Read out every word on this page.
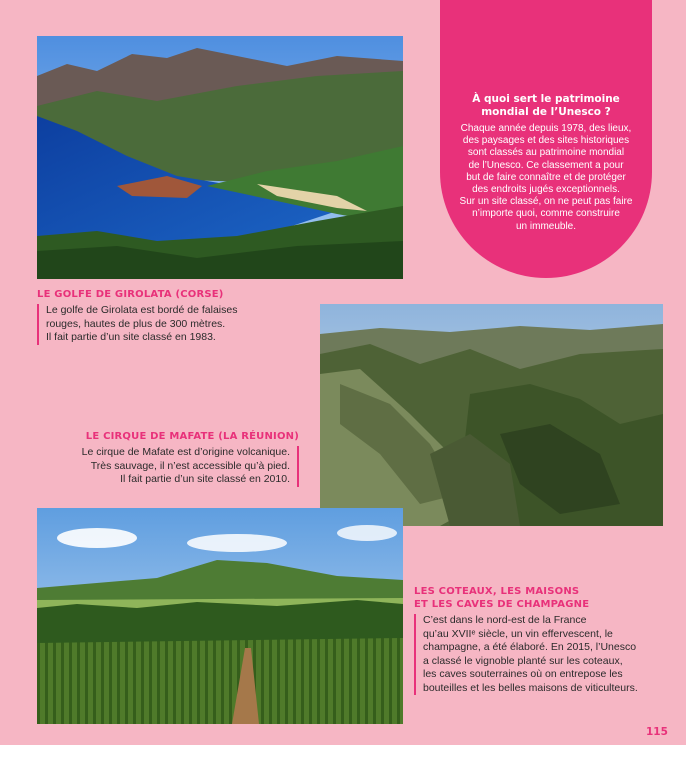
LE GOLFE DE GIROLATA (CORSE)

Le golfe de Girolata est bordé de falaises
rouges, hautes de plus de 300 mètres.
Il fait partie d’un site classé en 1983.

À quoi sert le patrimoine
mondial de l’Unesco ?

Chaque année depuis 1978, des lieux,
des paysages et des sites historiques
sont classés au patrimoine mondial
de l’Unesco. Ce classement a pour
but de faire connaître et de protéger
des endroits jugés exceptionnels.
Sur un site classé, on ne peut pas faire
n’importe quoi, comme construire
un immeuble.

LE CIRQUE DE MAFATE (LA RÉUNION)

Le cirque de Mafate est d’origine volcanique.
Très sauvage, il n’est accessible qu’à pied.
Il fait partie d’un site classé en 2010.

LES COTEAUX, LES MAISONS
ET LES CAVES DE CHAMPAGNE

C’est dans le nord-est de la France
qu’au XVIIᵉ siècle, un vin effervescent, le
champagne, a été élaboré. En 2015, l’Unesco
a classé le vignoble planté sur les coteaux,
les caves souterraines où on entrepose les
bouteilles et les belles maisons de viticulteurs.

115
